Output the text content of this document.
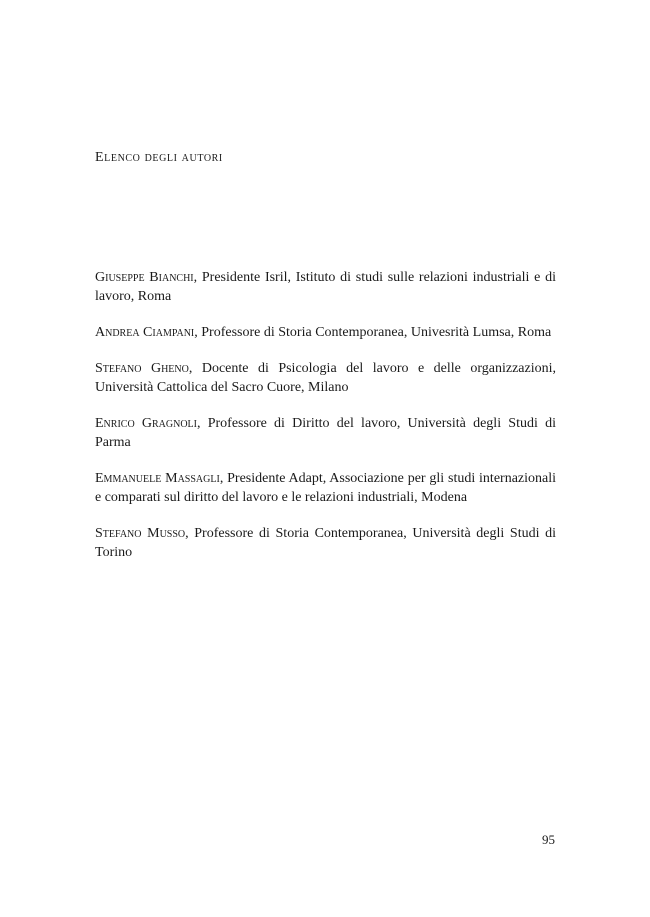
Elenco degli autori
Giuseppe Bianchi, Presidente Isril, Istituto di studi sulle relazioni industriali e di lavoro, Roma
Andrea Ciampani, Professore di Storia Contemporanea, Univesrità Lumsa, Roma
Stefano Gheno, Docente di Psicologia del lavoro e delle organizzazioni, Università Cattolica del Sacro Cuore, Milano
Enrico Gragnoli, Professore di Diritto del lavoro, Università degli Studi di Parma
Emmanuele Massagli, Presidente Adapt, Associazione per gli studi internazionali e comparati sul diritto del lavoro e le relazioni industriali, Modena
Stefano Musso, Professore di Storia Contemporanea, Università degli Studi di Torino
95
